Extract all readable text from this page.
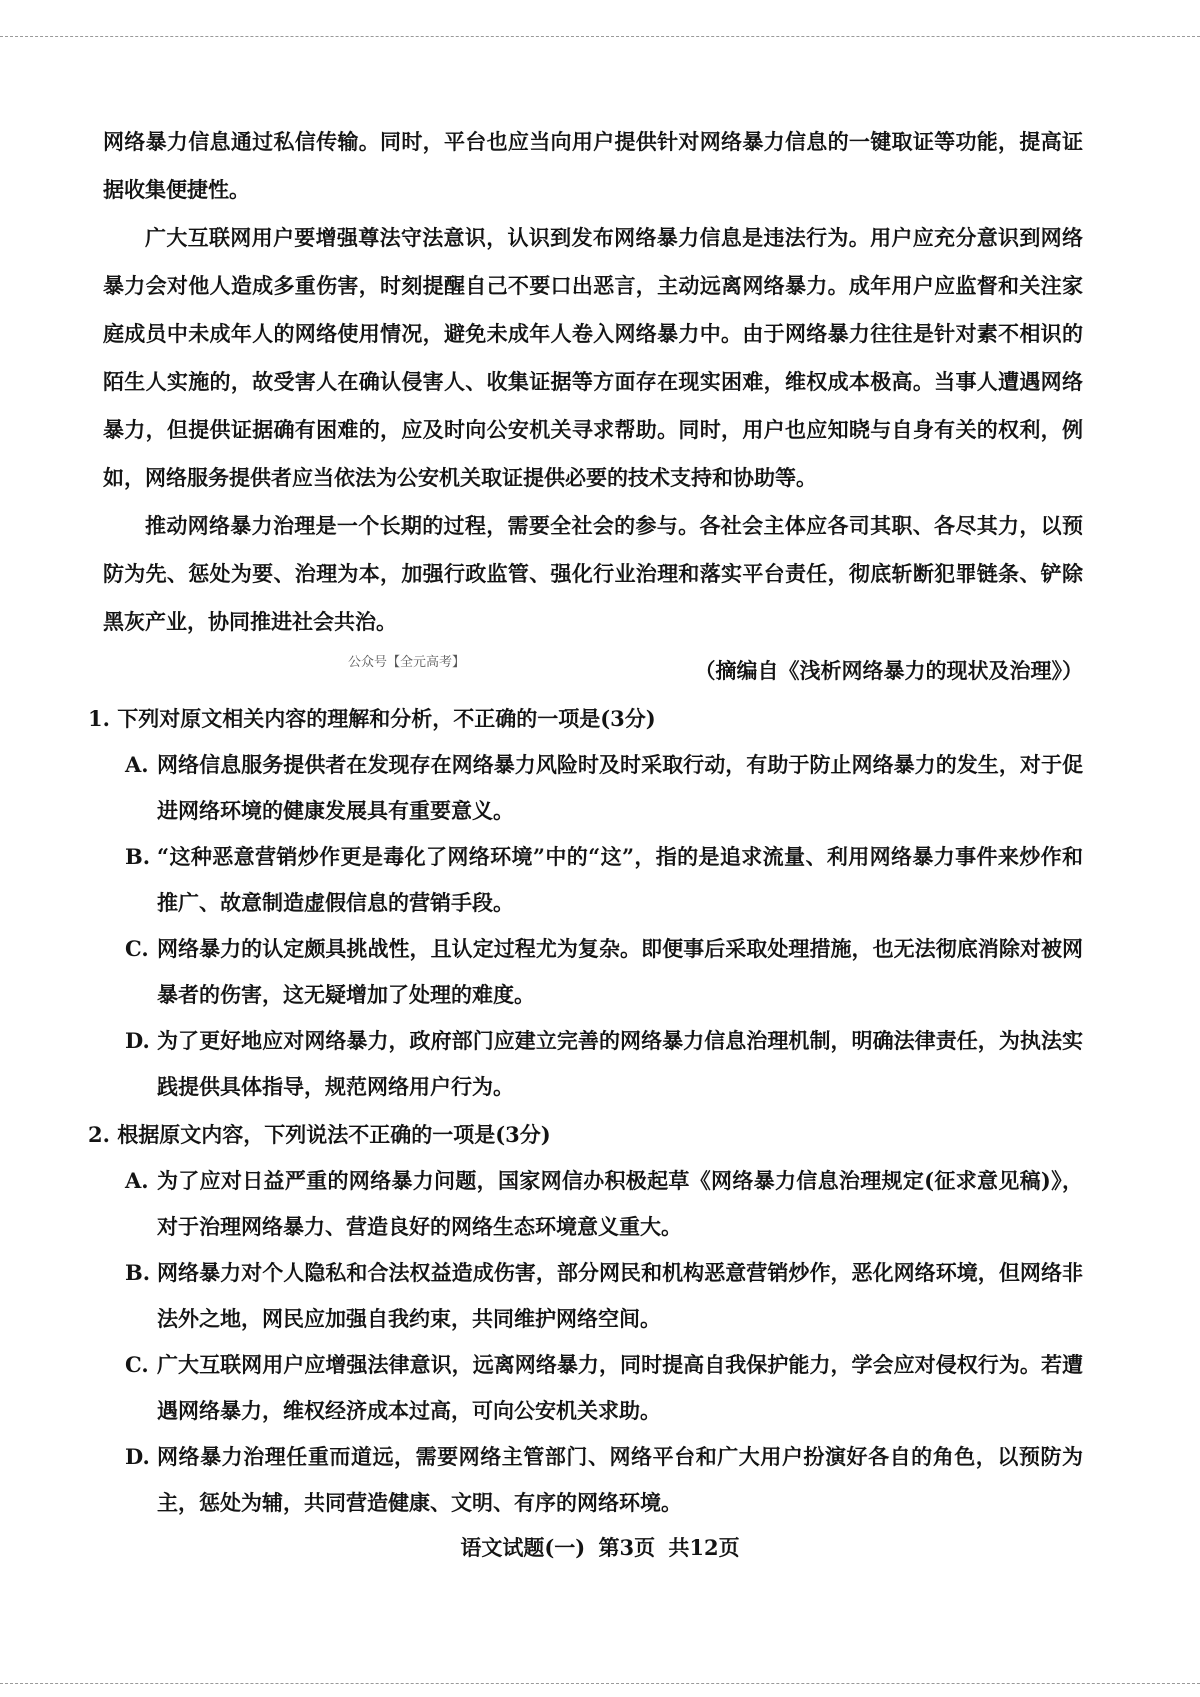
网络暴力信息通过私信传输。同时，平台也应当向用户提供针对网络暴力信息的一键取证等功能，提高证据收集便捷性。

广大互联网用户要增强尊法守法意识，认识到发布网络暴力信息是违法行为。用户应充分意识到网络暴力会对他人造成多重伤害，时刻提醒自己不要口出恶言，主动远离网络暴力。成年用户应监督和关注家庭成员中未成年人的网络使用情况，避免未成年人卷入网络暴力中。由于网络暴力往往是针对素不相识的陌生人实施的，故受害人在确认侵害人、收集证据等方面存在现实困难，维权成本极高。当事人遭遇网络暴力，但提供证据确有困难的，应及时向公安机关寻求帮助。同时，用户也应知晓与自身有关的权利，例如，网络服务提供者应当依法为公安机关取证提供必要的技术支持和协助等。

推动网络暴力治理是一个长期的过程，需要全社会的参与。各社会主体应各司其职、各尽其力，以预防为先、惩处为要、治理为本，加强行政监管、强化行业治理和落实平台责任，彻底斩断犯罪链条、铲除黑灰产业，协同推进社会共治。

（摘编自《浅析网络暴力的现状及治理》）

1. 下列对原文相关内容的理解和分析，不正确的一项是(3分)

A. 网络信息服务提供者在发现存在网络暴力风险时及时采取行动，有助于防止网络暴力的发生，对于促进网络环境的健康发展具有重要意义。

B. “这种恶意营销炒作更是毒化了网络环境”中的“这”，指的是追求流量、利用网络暴力事件来炒作和推广、故意制造虚假信息的营销手段。

C. 网络暴力的认定颇具挑战性，且认定过程尤为复杂。即便事后采取处理措施，也无法彻底消除对被网暴者的伤害，这无疑增加了处理的难度。

D. 为了更好地应对网络暴力，政府部门应建立完善的网络暴力信息治理机制，明确法律责任，为执法实践提供具体指导，规范网络用户行为。

2. 根据原文内容，下列说法不正确的一项是(3分)

A. 为了应对日益严重的网络暴力问题，国家网信办积极起草《网络暴力信息治理规定(征求意见稿)》，对于治理网络暴力、营造良好的网络生态环境意义重大。

B. 网络暴力对个人隐私和合法权益造成伤害，部分网民和机构恶意营销炒作，恶化网络环境，但网络非法外之地，网民应加强自我约束，共同维护网络空间。

C. 广大互联网用户应增强法律意识，远离网络暴力，同时提高自我保护能力，学会应对侵权行为。若遭遇网络暴力，维权经济成本过高，可向公安机关求助。

D. 网络暴力治理任重而道远，需要网络主管部门、网络平台和广大用户扮演好各自的角色，以预防为主，惩处为辅，共同营造健康、文明、有序的网络环境。

公众号【全元高考】
语文试题(一) 第3页 共12页
